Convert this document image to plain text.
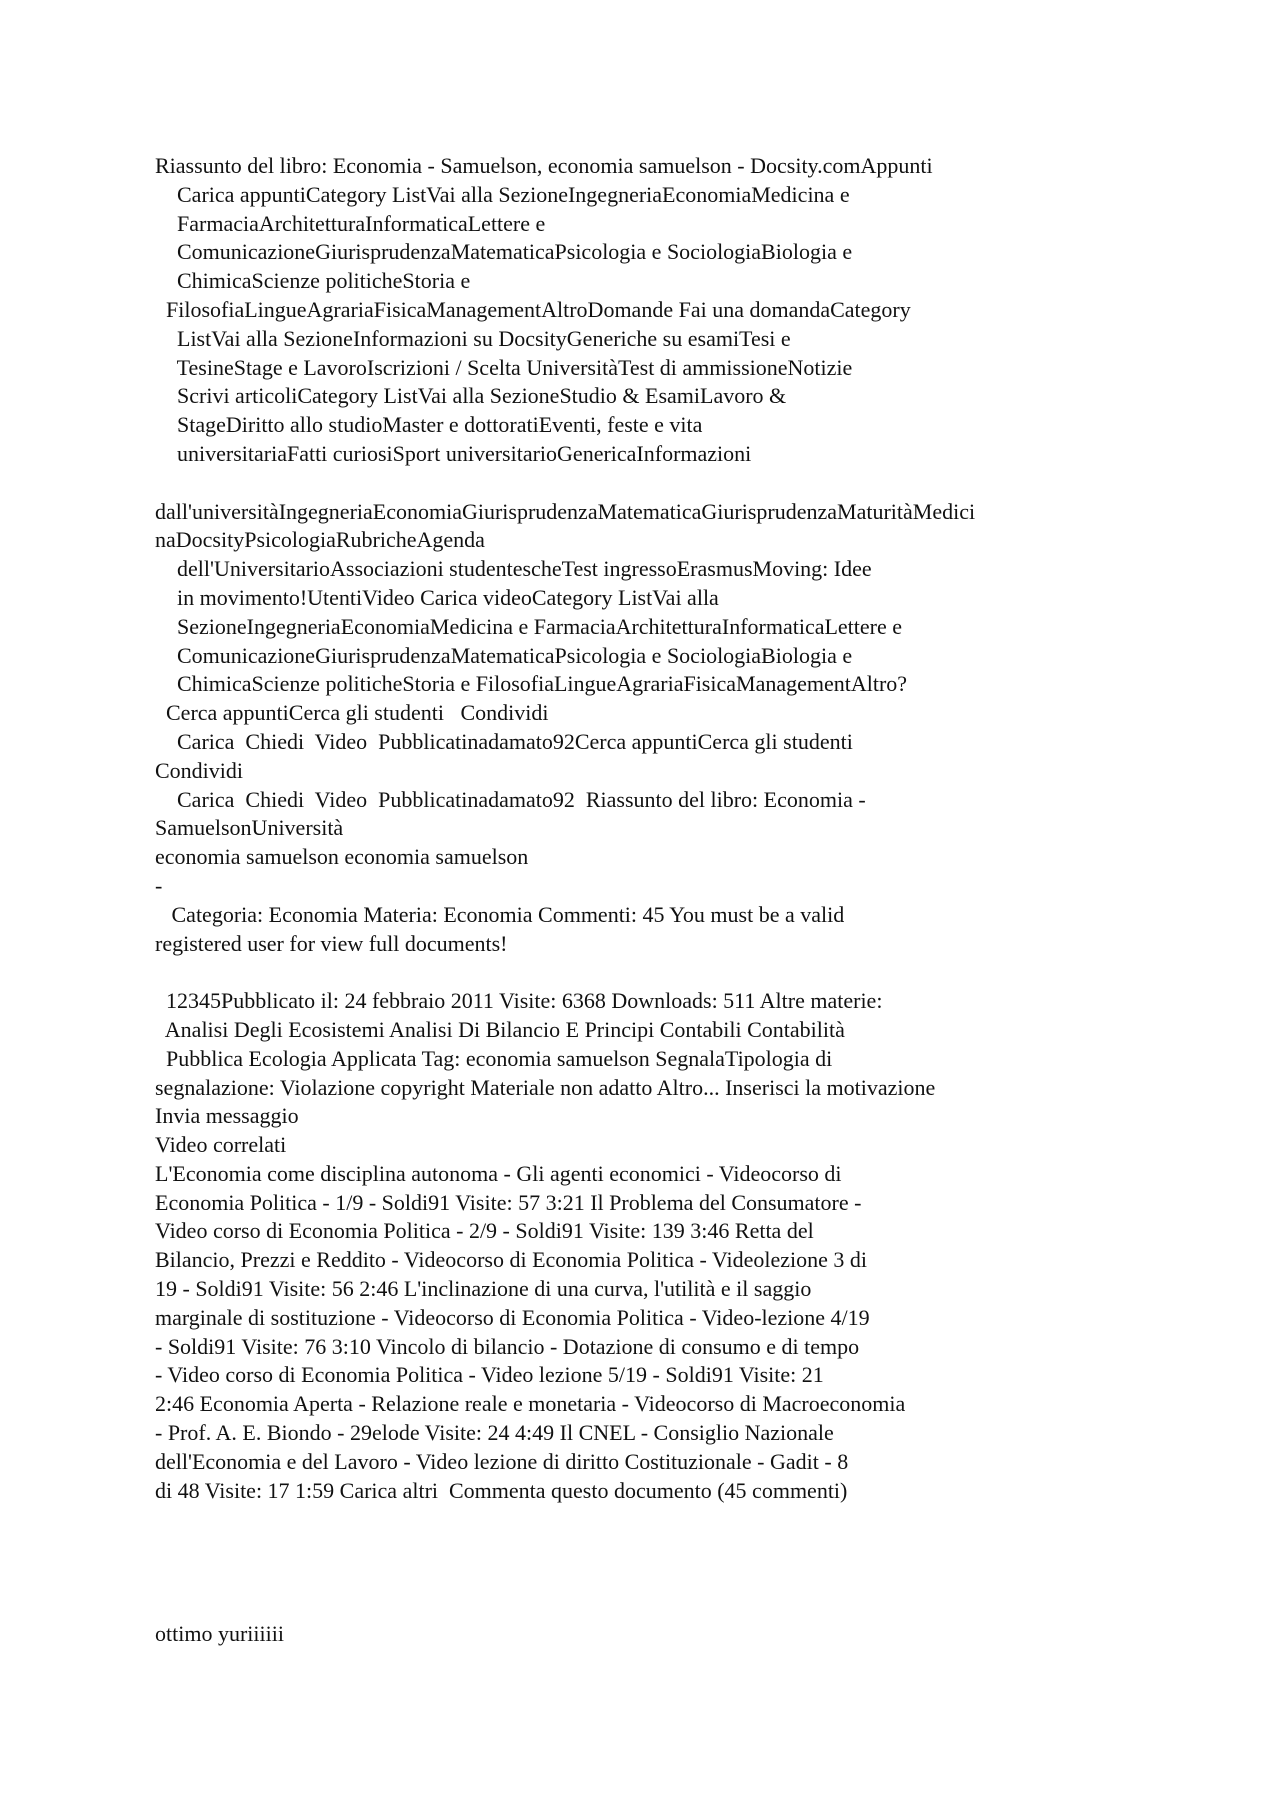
Riassunto del libro: Economia - Samuelson, economia samuelson - Docsity.comAppunti
Carica appuntiCategory ListVai alla SezioneIngegneriaEconomiaMedicina e
FarmaciaArchitetturaInformaticaLettere e
ComunicazioneGiurisprudenzaMatematicaPsicologia e SociologiaBiologia e
ChimicaScienze politicheStoria e
FilosofiaLingueAgrariaFisicaManagementAltroDomande Fai una domandaCategory
ListVai alla SezioneInformazioni su DocsityGeneriche su esamiTesi e
TesineStage e LavoroIscrizioni / Scelta UniversitàTest di ammissioneNotizie
Scrivi articoliCategory ListVai alla SezioneStudio & EsamiLavoro &
StageDiritto allo studioMaster e dottoratiEventi, feste e vita
universitariaFatti curiosiSport universitarioGenericaInformazioni
dall'universitàIngegneriaEconomiaGiurisprudenzaMatematicaGiurisprudenzaMaturitàMedici
naDocsityPsicologiaRubricheAgenda
dell'UniversitarioAssociazioni studentescheTest ingressoErasmusMoving: Idee
in movimento!UtentiVideo Carica videoCategory ListVai alla
SezioneIngegneriaEconomiaMedicina e FarmaciaArchitetturaInformaticaLettere e
ComunicazioneGiurisprudenzaMatematicaPsicologia e SociologiaBiologia e
ChimicaScienze politicheStoria e FilosofiaLingueAgrariaFisicaManagementAltro?
Cerca appuntiCerca gli studenti   Condividi
Carica  Chiedi  Video  Pubblicatinadamato92Cerca appuntiCerca gli studenti
Condividi
Carica  Chiedi  Video  Pubblicatinadamato92  Riassunto del libro: Economia -
SamuelsonUniversità
economia samuelson economia samuelson
-
Categoria: Economia Materia: Economia Commenti: 45 You must be a valid
registered user for view full documents!
12345Pubblicato il: 24 febbraio 2011 Visite: 6368 Downloads: 511 Altre materie:
Analisi Degli Ecosistemi Analisi Di Bilancio E Principi Contabili Contabilità
Pubblica Ecologia Applicata Tag: economia samuelson SegnalaTipologia di
segnalazione: Violazione copyright Materiale non adatto Altro... Inserisci la motivazione
Invia messaggio
Video correlati
L'Economia come disciplina autonoma - Gli agenti economici - Videocorso di
Economia Politica - 1/9 - Soldi91 Visite: 57 3:21 Il Problema del Consumatore -
Video corso di Economia Politica - 2/9 - Soldi91 Visite: 139 3:46 Retta del
Bilancio, Prezzi e Reddito - Videocorso di Economia Politica - Videolezione 3 di
19 - Soldi91 Visite: 56 2:46 L'inclinazione di una curva, l'utilità e il saggio
marginale di sostituzione - Videocorso di Economia Politica - Video-lezione 4/19
- Soldi91 Visite: 76 3:10 Vincolo di bilancio - Dotazione di consumo e di tempo
- Video corso di Economia Politica - Video lezione 5/19 - Soldi91 Visite: 21
2:46 Economia Aperta - Relazione reale e monetaria - Videocorso di Macroeconomia
- Prof. A. E. Biondo - 29elode Visite: 24 4:49 Il CNEL - Consiglio Nazionale
dell'Economia e del Lavoro - Video lezione di diritto Costituzionale - Gadit - 8
di 48 Visite: 17 1:59 Carica altri  Commenta questo documento (45 commenti)
ottimo yuriiiiii
